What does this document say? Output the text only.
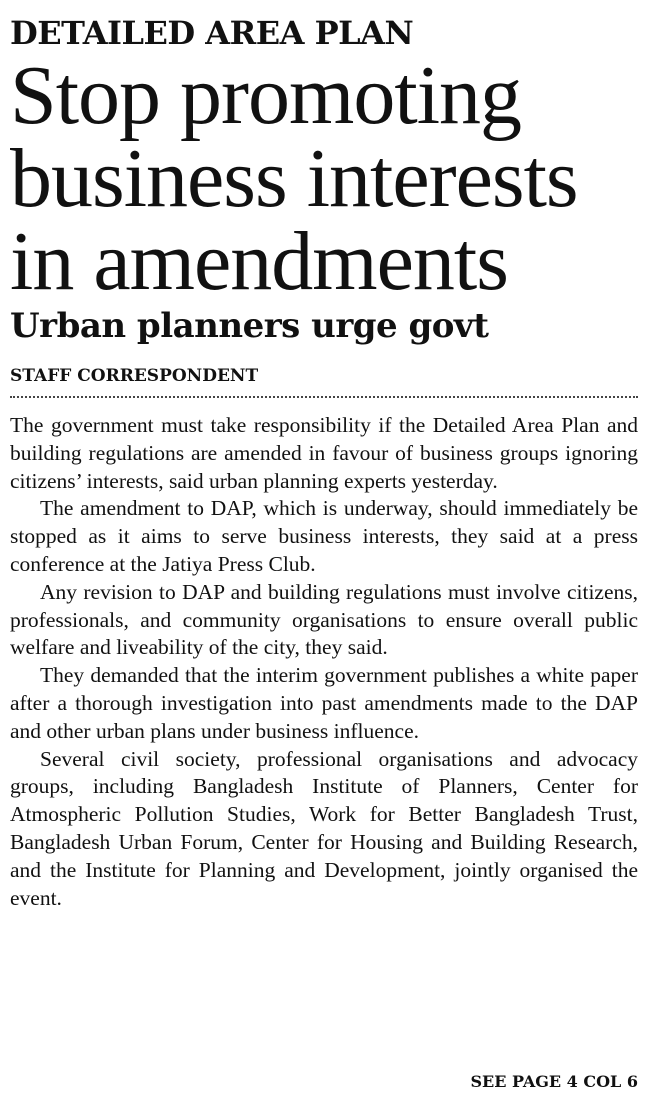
DETAILED AREA PLAN
Stop promoting business interests in amendments
Urban planners urge govt
STAFF CORRESPONDENT

The government must take responsibility if the Detailed Area Plan and building regulations are amended in favour of business groups ignoring citizens’ interests, said urban planning experts yesterday.

The amendment to DAP, which is underway, should immediately be stopped as it aims to serve business interests, they said at a press conference at the Jatiya Press Club.

Any revision to DAP and building regulations must involve citizens, professionals, and community organisations to ensure overall public welfare and liveability of the city, they said.

They demanded that the interim government publishes a white paper after a thorough investigation into past amendments made to the DAP and other urban plans under business influence.

Several civil society, professional organisations and advocacy groups, including Bangladesh Institute of Planners, Center for Atmospheric Pollution Studies, Work for Better Bangladesh Trust, Bangladesh Urban Forum, Center for Housing and Building Research, and the Institute for Planning and Development, jointly organised the event.

SEE PAGE 4 COL 6
